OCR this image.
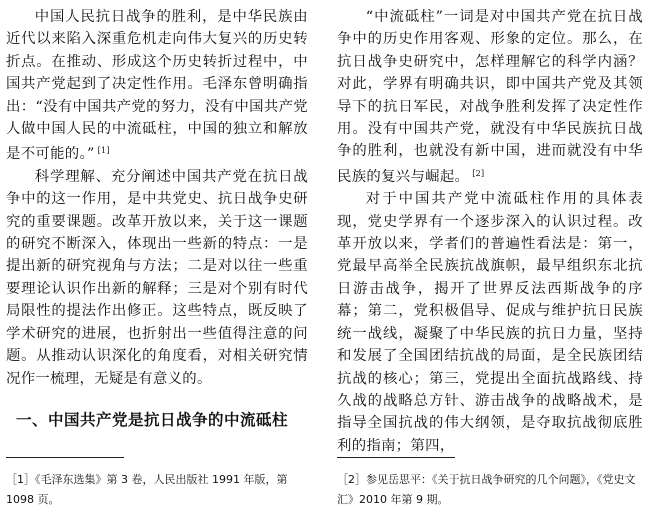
中国人民抗日战争的胜利，是中华民族由近代以来陷入深重危机走向伟大复兴的历史转折点。在推动、形成这个历史转折过程中，中国共产党起到了决定性作用。毛泽东曾明确指出：“没有中国共产党的努力，没有中国共产党人做中国人民的中流砥柱，中国的独立和解放是不可能的。” [1]

科学理解、充分阐述中国共产党在抗日战争中的这一作用，是中共党史、抗日战争史研究的重要课题。改革开放以来，关于这一课题的研究不断深入，体现出一些新的特点：一是提出新的研究视角与方法；二是对以往一些重要理论认识作出新的解释；三是对个别有时代局限性的提法作出修正。这些特点，既反映了学术研究的进展，也折射出一些值得注意的问题。从推动认识深化的角度看，对相关研究情况作一梳理，无疑是有意义的。

一、中国共产党是抗日战争的中流砥柱

“中流砥柱”一词是对中国共产党在抗日战争中的历史作用客观、形象的定位。那么，在抗日战争史研究中，怎样理解它的科学内涵？对此，学界有明确共识，即中国共产党及其领导下的抗日军民，对战争胜利发挥了决定性作用。没有中国共产党，就没有中华民族抗日战争的胜利，也就没有新中国，进而就没有中华民族的复兴与崛起。 [2]

对于中国共产党中流砥柱作用的具体表现，党史学界有一个逐步深入的认识过程。改革开放以来，学者们的普遍性看法是：第一，党最早高举全民族抗战旗帜，最早组织东北抗日游击战争，揭开了世界反法西斯战争的序幕；第二，党积极倡导、促成与维护抗日民族统一战线，凝聚了中华民族的抗日力量，坚持和发展了全国团结抗战的局面，是全民族团结抗战的核心；第三，党提出全面抗战路线、持久战的战略总方针、游击战争的战略战术，是指导全国抗战的伟大纲领，是夺取抗战彻底胜利的指南；第四，

［1］《毛泽东选集》第 3 卷，人民出版社 1991 年版，第 1098 页。

［2］参见岳思平：《关于抗日战争研究的几个问题》，《党史文汇》2010 年第 9 期。
